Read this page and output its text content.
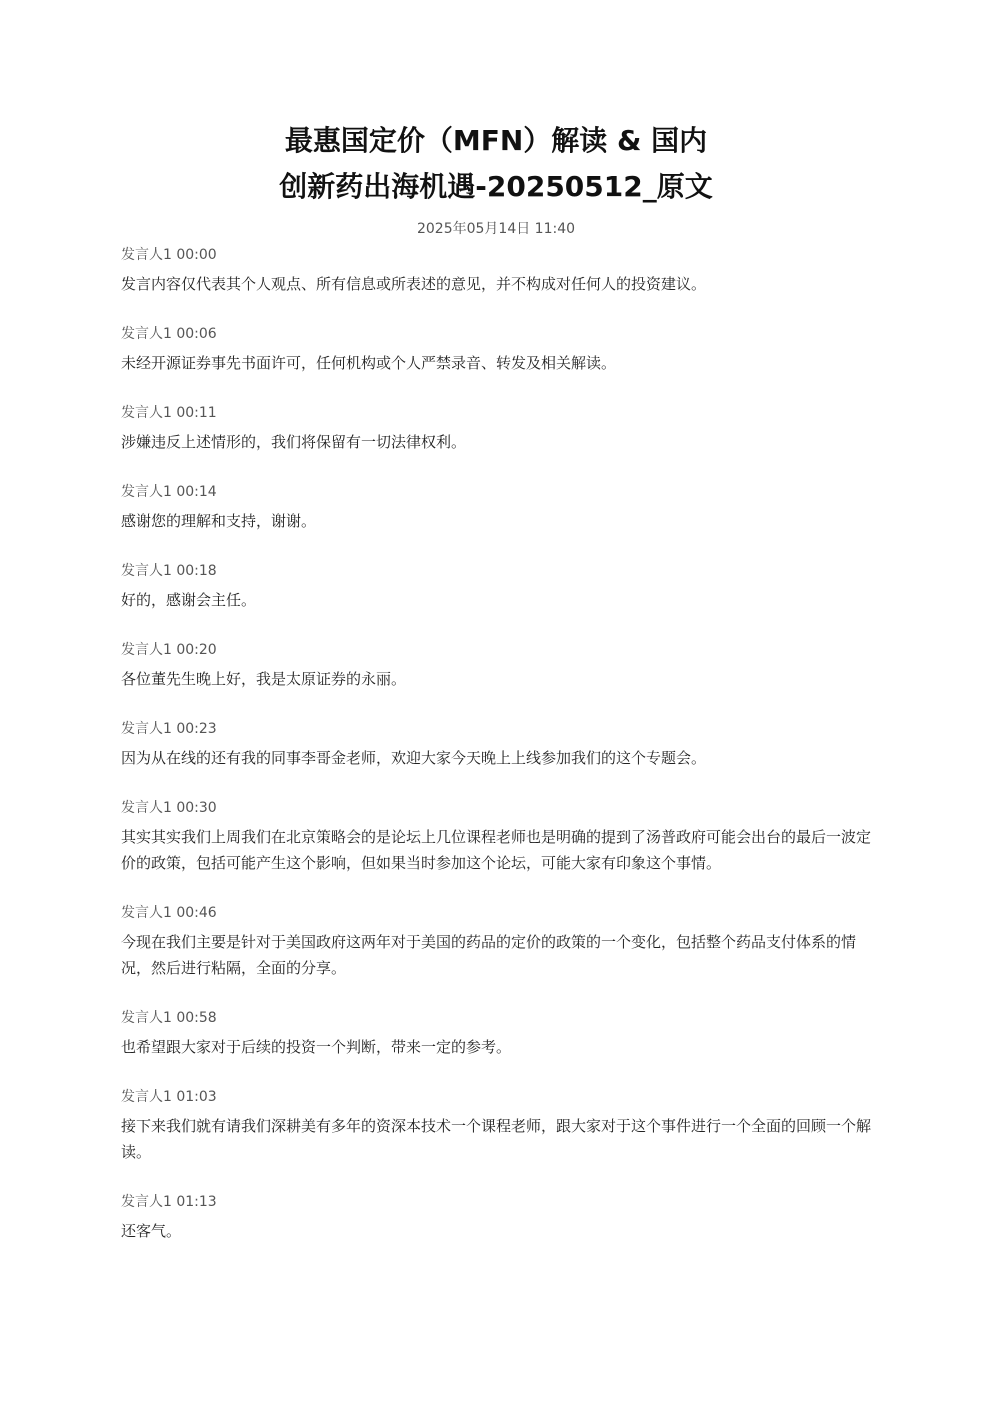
最惠国定价（MFN）解读 & 国内
创新药出海机遇-20250512_原文
2025年05月14日 11:40
发言人1 00:00

发言内容仅代表其个人观点、所有信息或所表述的意见，并不构成对任何人的投资建议。

发言人1 00:06

未经开源证券事先书面许可，任何机构或个人严禁录音、转发及相关解读。

发言人1 00:11

涉嫌违反上述情形的，我们将保留有一切法律权利。

发言人1 00:14

感谢您的理解和支持，谢谢。

发言人1 00:18

好的，感谢会主任。

发言人1 00:20

各位董先生晚上好，我是太原证券的永丽。

发言人1 00:23

因为从在线的还有我的同事李哥金老师，欢迎大家今天晚上上线参加我们的这个专题会。

发言人1 00:30

其实其实我们上周我们在北京策略会的是论坛上几位课程老师也是明确的提到了汤普政府可能会出台的最后一波定价的政策，包括可能产生这个影响，但如果当时参加这个论坛，可能大家有印象这个事情。

发言人1 00:46

今现在我们主要是针对于美国政府这两年对于美国的药品的定价的政策的一个变化，包括整个药品支付体系的情况，然后进行粘隔，全面的分享。

发言人1 00:58

也希望跟大家对于后续的投资一个判断，带来一定的参考。

发言人1 01:03

接下来我们就有请我们深耕美有多年的资深本技术一个课程老师，跟大家对于这个事件进行一个全面的回顾一个解读。

发言人1 01:13

还客气。
